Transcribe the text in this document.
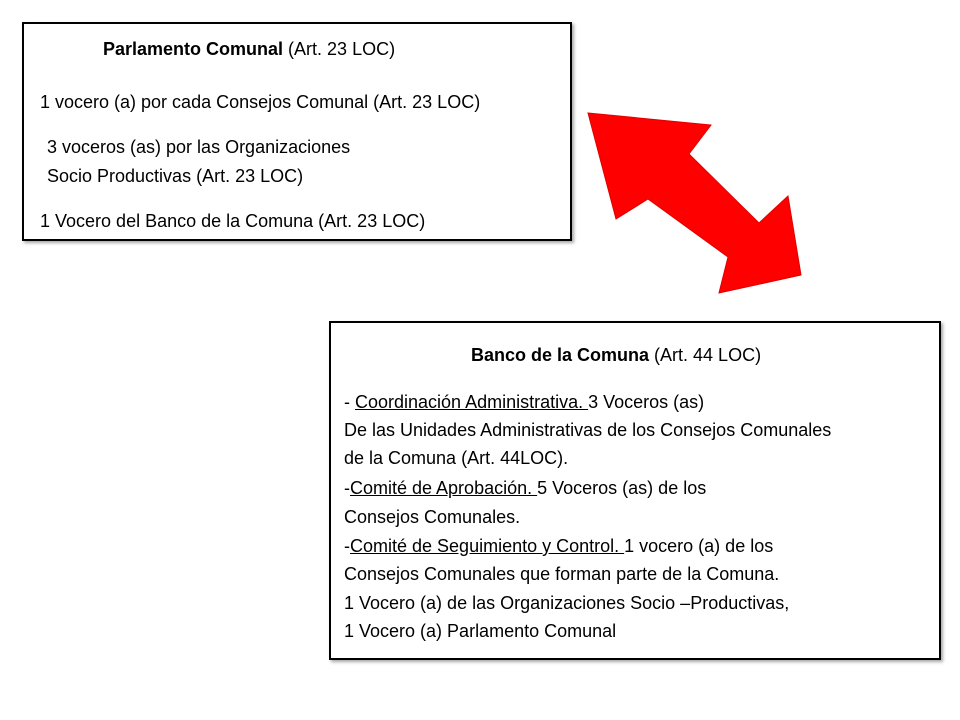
Parlamento Comunal (Art. 23 LOC)
1 vocero (a) por cada Consejos Comunal (Art. 23 LOC)
3 voceros (as) por las Organizaciones
Socio Productivas (Art. 23 LOC)
1 Vocero del Banco de la Comuna (Art. 23 LOC)
Banco de la Comuna (Art. 44 LOC)
- Coordinación Administrativa. 3 Voceros (as)
De las Unidades Administrativas de los Consejos Comunales
de la Comuna (Art. 44LOC).
-Comité de Aprobación. 5 Voceros (as) de los
Consejos Comunales.
-Comité de Seguimiento y Control. 1 vocero (a) de los
Consejos Comunales que forman parte de la Comuna.
1 Vocero (a) de las Organizaciones Socio –Productivas,
1 Vocero (a) Parlamento Comunal
